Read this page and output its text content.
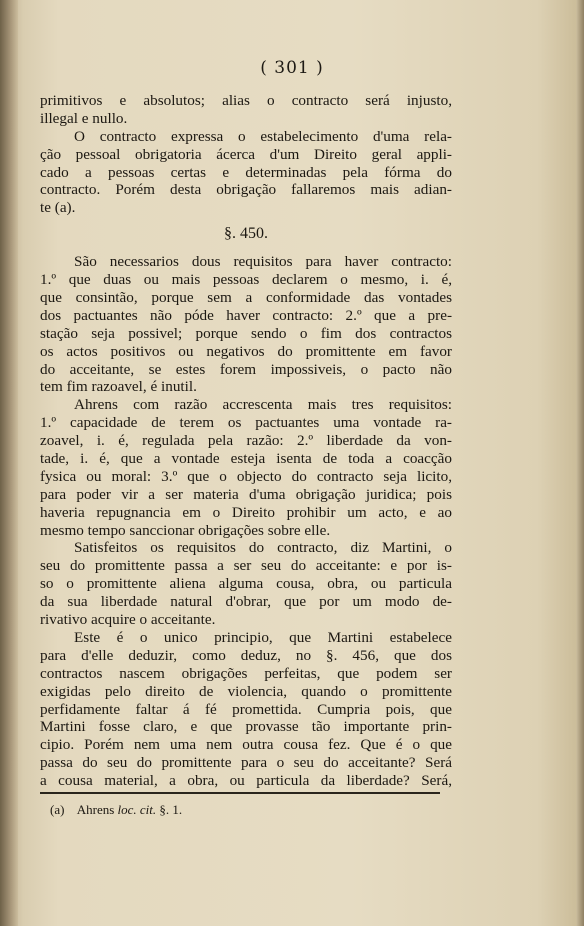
( 301 )
primitivos e absolutos; alias o contracto será injusto,
illegal e nullo.
O contracto expressa o estabelecimento d'uma rela-
ção pessoal obrigatoria ácerca d'um Direito geral appli-
cado a pessoas certas e determinadas pela fórma do
contracto. Porém desta obrigação fallaremos mais adian-
te (a).
§. 450.
São necessarios dous requisitos para haver contracto:
1.º que duas ou mais pessoas declarem o mesmo, i. é,
que consintão, porque sem a conformidade das vontades
dos pactuantes não póde haver contracto: 2.º que a pre-
stação seja possivel; porque sendo o fim dos contractos
os actos positivos ou negativos do promittente em favor
do acceitante, se estes forem impossiveis, o pacto não
tem fim razoavel, é inutil.
Ahrens com razão accrescenta mais tres requisitos:
1.º capacidade de terem os pactuantes uma vontade ra-
zoavel, i. é, regulada pela razão: 2.º liberdade da von-
tade, i. é, que a vontade esteja isenta de toda a coacção
fysica ou moral: 3.º que o objecto do contracto seja licito,
para poder vir a ser materia d'uma obrigação juridica; pois
haveria repugnancia em o Direito prohibir um acto, e ao
mesmo tempo sanccionar obrigações sobre elle.
Satisfeitos os requisitos do contracto, diz Martini, o
seu do promittente passa a ser seu do acceitante: e por is-
so o promittente aliena alguma cousa, obra, ou particula
da sua liberdade natural d'obrar, que por um modo de-
rivativo acquire o acceitante.
Este é o unico principio, que Martini estabelece
para d'elle deduzir, como deduz, no §. 456, que dos
contractos nascem obrigações perfeitas, que podem ser
exigidas pelo direito de violencia, quando o promittente
perfidamente faltar á fé promettida. Cumpria pois, que
Martini fosse claro, e que provasse tão importante prin-
cipio. Porém nem uma nem outra cousa fez. Que é o que
passa do seu do promittente para o seu do acceitante? Será
a cousa material, a obra, ou particula da liberdade? Será,
(a) Ahrens loc. cit. §. 1.
